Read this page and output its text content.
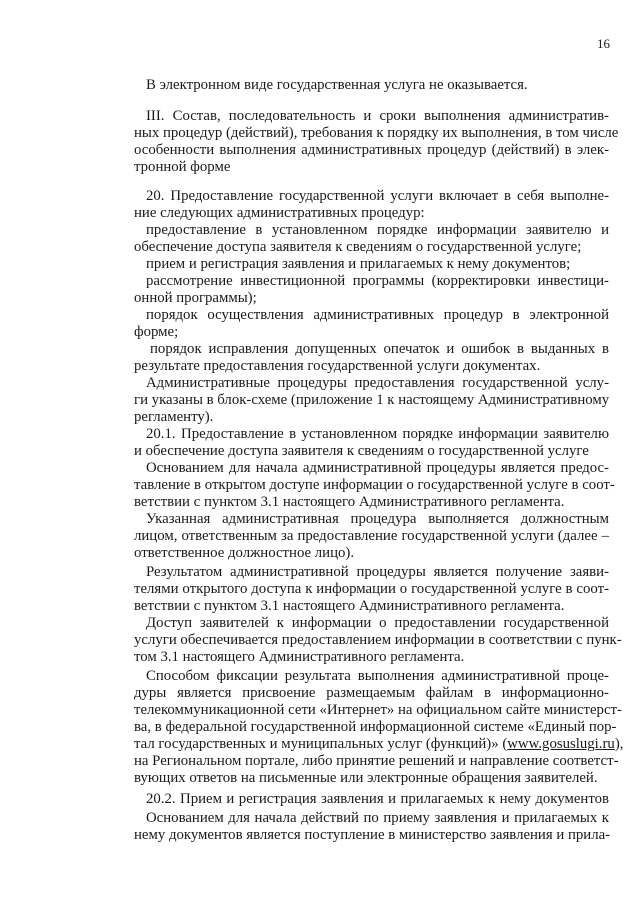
16
В электронном виде государственная услуга не оказывается.
III. Состав, последовательность и сроки выполнения административ-
ных процедур (действий), требования к порядку их выполнения, в том числе
особенности выполнения административных процедур (действий) в элек-
тронной форме
20. Предоставление государственной услуги включает в себя выполне-
ние следующих административных процедур:
предоставление в установленном порядке информации заявителю и
обеспечение доступа заявителя к сведениям о государственной услуге;
прием и регистрация заявления и прилагаемых к нему документов;
рассмотрение инвестиционной программы (корректировки инвестици-
онной программы);
порядок осуществления административных процедур в электронной
форме;
порядок исправления допущенных опечаток и ошибок в выданных в
результате предоставления государственной услуги документах.
Административные процедуры предоставления государственной услу-
ги указаны в блок-схеме (приложение 1 к настоящему Административному
регламенту).
20.1. Предоставление в установленном порядке информации заявителю
и обеспечение доступа заявителя к сведениям о государственной услуге
Основанием для начала административной процедуры является предос-
тавление в открытом доступе информации о государственной услуге в соот-
ветствии с пунктом 3.1 настоящего Административного регламента.
Указанная административная процедура выполняется должностным
лицом, ответственным за предоставление государственной услуги (далее –
ответственное должностное лицо).
Результатом административной процедуры является получение заяви-
телями открытого доступа к информации о государственной услуге в соот-
ветствии с пунктом 3.1 настоящего Административного регламента.
Доступ заявителей к информации о предоставлении государственной
услуги обеспечивается предоставлением информации в соответствии с пунк-
том 3.1 настоящего Административного регламента.
Способом фиксации результата выполнения административной проце-
дуры является присвоение размещаемым файлам в информационно-
телекоммуникационной сети «Интернет» на официальном сайте министерст-
ва, в федеральной государственной информационной системе «Единый пор-
тал государственных и муниципальных услуг (функций)» (www.gosuslugi.ru),
на Региональном портале, либо принятие решений и направление соответст-
вующих ответов на письменные или электронные обращения заявителей.
20.2. Прием и регистрация заявления и прилагаемых к нему документов
Основанием для начала действий по приему заявления и прилагаемых к
нему документов является поступление в министерство заявления и прила-
